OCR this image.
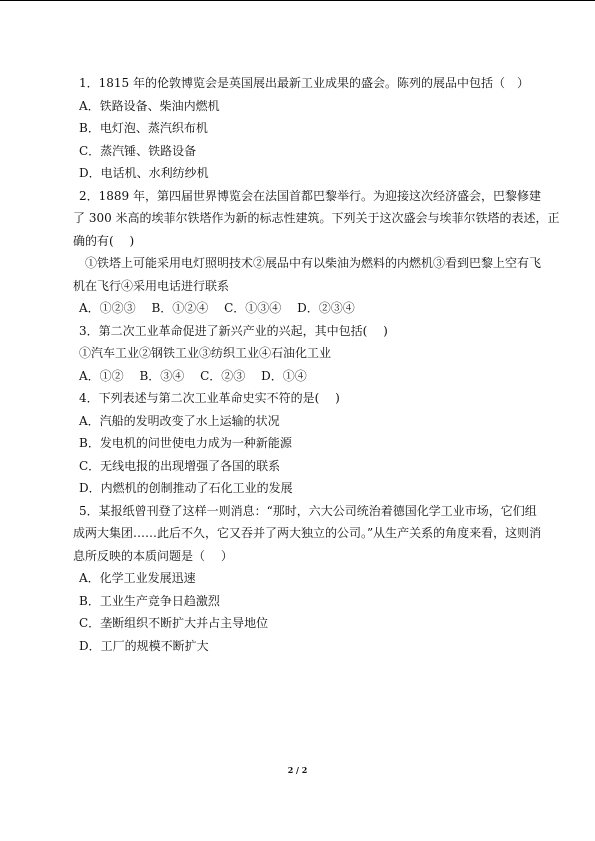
1．1815 年的伦敦博览会是英国展出最新工业成果的盛会。陈列的展品中包括（　）
A．铁路设备、柴油内燃机
B．电灯泡、蒸汽织布机
C．蒸汽锤、铁路设备
D．电话机、水利纺纱机
2．1889 年，第四届世界博览会在法国首都巴黎举行。为迎接这次经济盛会，巴黎修建
了 300 米高的埃菲尔铁塔作为新的标志性建筑。下列关于这次盛会与埃菲尔铁塔的表述，正
确的有(　 )
　①铁塔上可能采用电灯照明技术②展品中有以柴油为燃料的内燃机③看到巴黎上空有飞
机在飞行④采用电话进行联系
A．①②③　 B．①②④　 C．①③④　 D．②③④
3．第二次工业革命促进了新兴产业的兴起，其中包括(　 )
①汽车工业②钢铁工业③纺织工业④石油化工业
A．①②　 B．③④　 C．②③　 D．①④
4．下列表述与第二次工业革命史实不符的是(　 )
A．汽船的发明改变了水上运输的状况
B．发电机的问世使电力成为一种新能源
C．无线电报的出现增强了各国的联系
D．内燃机的创制推动了石化工业的发展
5．某报纸曾刊登了这样一则消息：“那时，六大公司统治着德国化学工业市场，它们组
成两大集团……此后不久，它又吞并了两大独立的公司。”从生产关系的角度来看，这则消
息所反映的本质问题是（　 ）
A．化学工业发展迅速
B．工业生产竞争日趋激烈
C．垄断组织不断扩大并占主导地位
D．工厂的规模不断扩大
2 / 2
